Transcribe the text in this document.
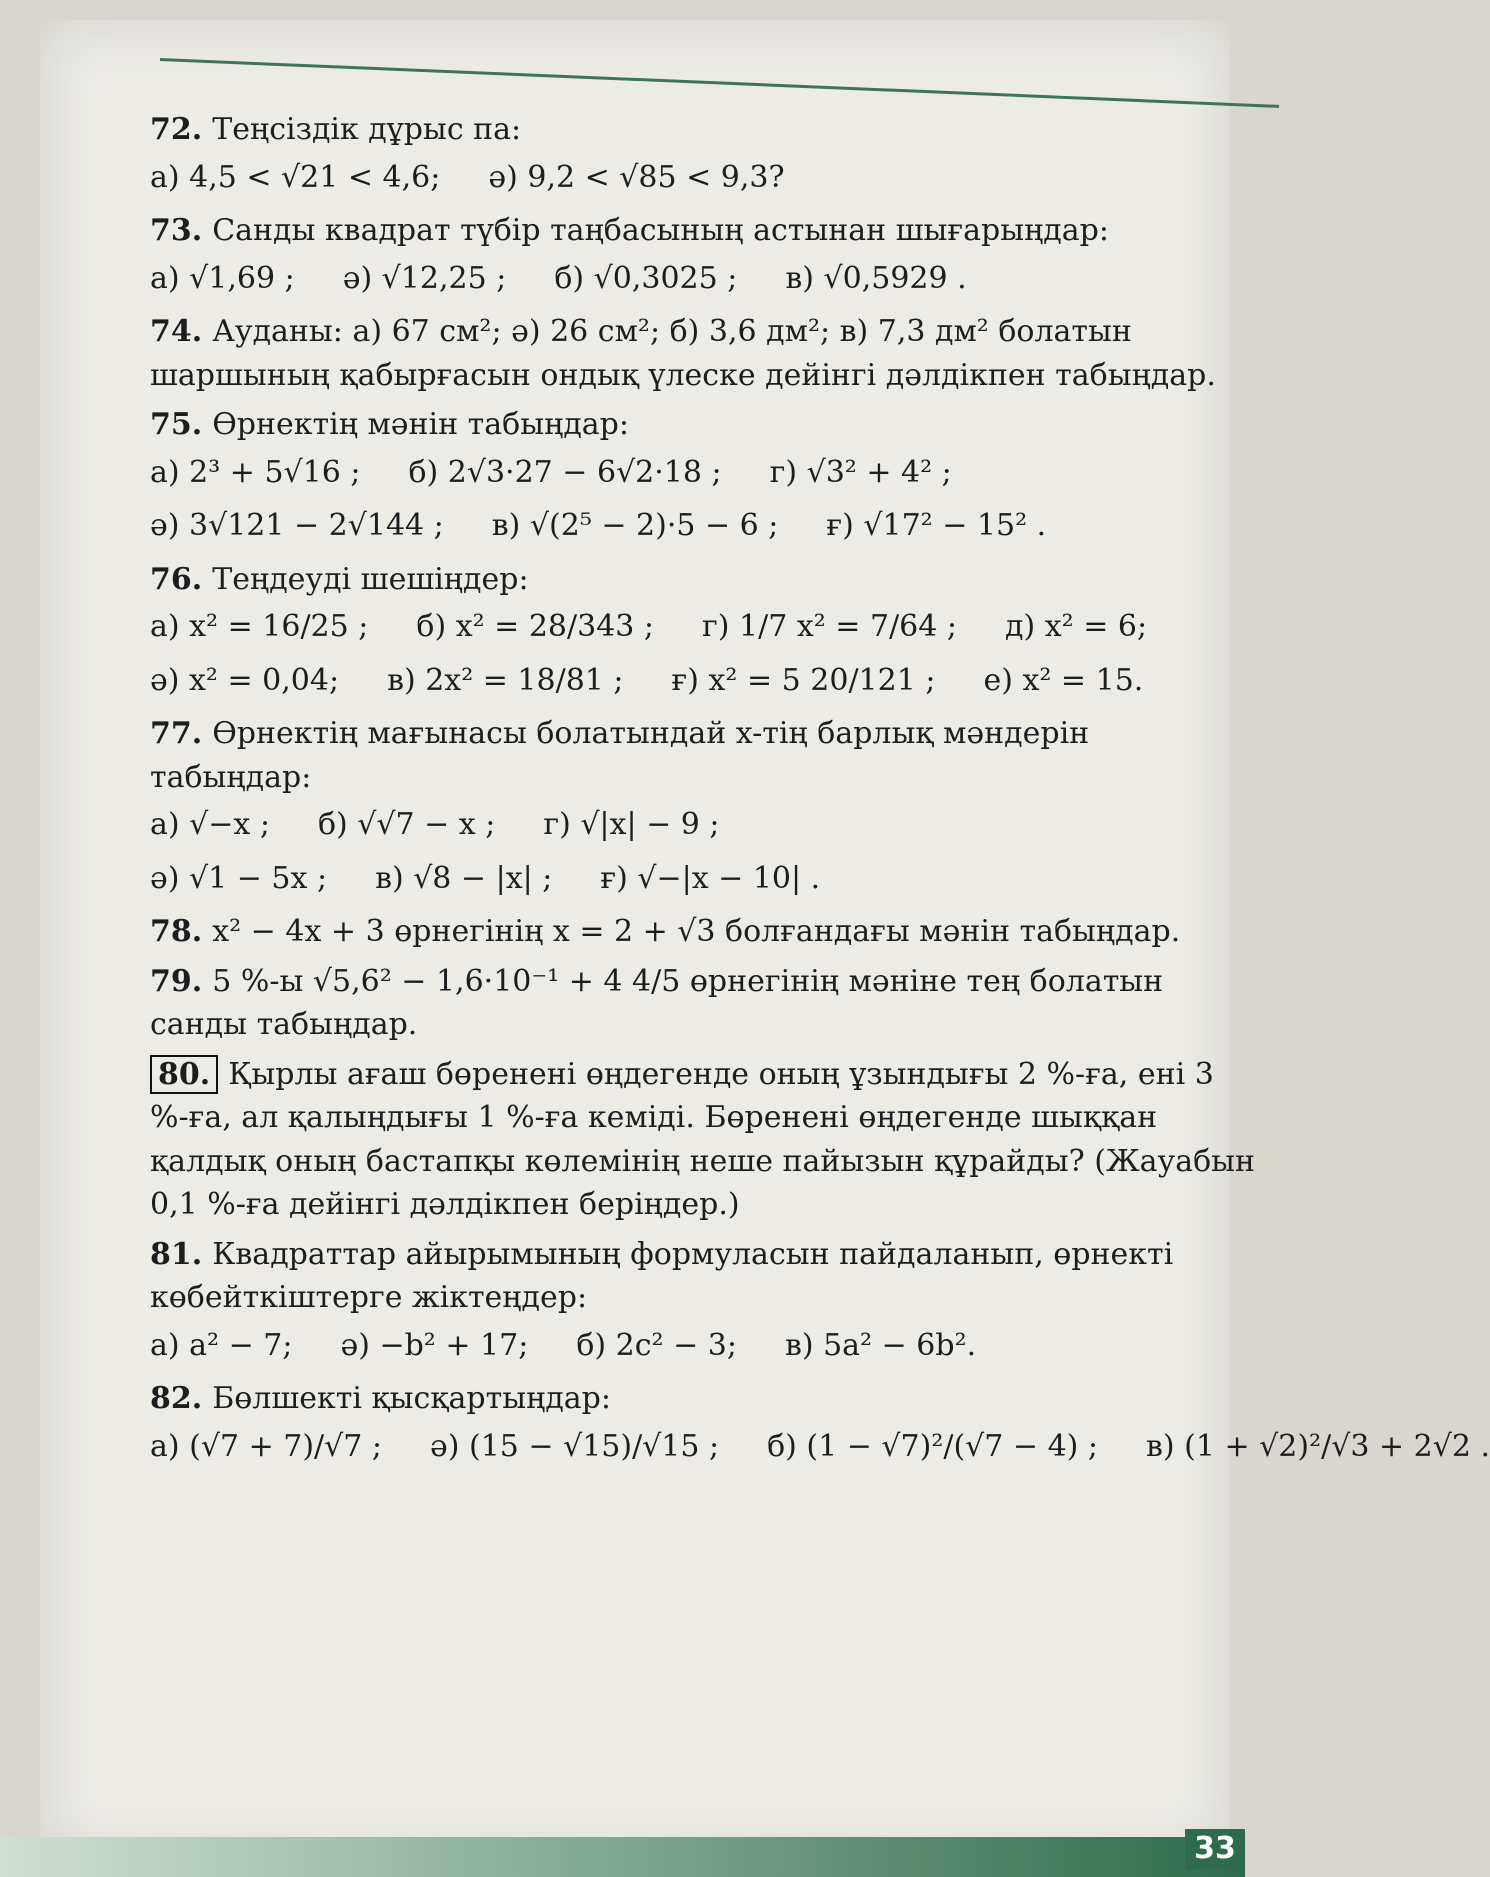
72. Теңсіздік дұрыс па:
а) 4,5 < √21 < 4,6; ә) 9,2 < √85 < 9,3?
73. Санды квадрат түбір таңбасының астынан шығарыңдар:
а) √1,69 ; ә) √12,25 ; б) √0,3025 ; в) √0,5929 .
74. Ауданы: а) 67 см²; ә) 26 см²; б) 3,6 дм²; в) 7,3 дм² болатын шаршының қабырғасын ондық үлеске дейінгі дәлдікпен табыңдар.
75. Өрнектің мәнін табыңдар:
а) 2³ + 5√16 ; б) 2√3·27 − 6√2·18 ; г) √3² + 4² ;
ә) 3√121 − 2√144 ; в) √(2⁵ − 2)·5 − 6 ; ғ) √17² − 15² .
76. Теңдеуді шешіңдер:
а) x² = 16/25 ; б) x² = 28/343 ; г) 1/7 x² = 7/64 ; д) x² = 6;
ә) x² = 0,04; в) 2x² = 18/81 ; ғ) x² = 5 20/121 ; е) x² = 15.
77. Өрнектің мағынасы болатындай x-тің барлық мәндерін табыңдар:
а) √−x ; б) √√7 − x ; г) √|x| − 9 ;
ә) √1 − 5x ; в) √8 − |x| ; ғ) √−|x − 10| .
78. x² − 4x + 3 өрнегінің x = 2 + √3 болғандағы мәнін табыңдар.
79. 5 %-ы √5,6² − 1,6·10⁻¹ + 4 4/5 өрнегінің мәніне тең болатын санды табыңдар.
80. Қырлы ағаш бөренені өңдегенде оның ұзындығы 2 %-ға, ені 3 %-ға, ал қалыңдығы 1 %-ға кеміді. Бөренені өңдегенде шыққан қалдық оның бастапқы көлемінің неше пайызын құрайды? (Жауабын 0,1 %-ға дейінгі дәлдікпен беріңдер.)
81. Квадраттар айырымының формуласын пайдаланып, өрнекті көбейткіштерге жіктеңдер:
а) a² − 7; ә) −b² + 17; б) 2c² − 3; в) 5a² − 6b².
82. Бөлшекті қысқартыңдар:
а) (√7 + 7)/√7 ; ә) (15 − √15)/√15 ; б) (1 − √7)²/(√7 − 4) ; в) (1 + √2)²/√3 + 2√2 .
33
